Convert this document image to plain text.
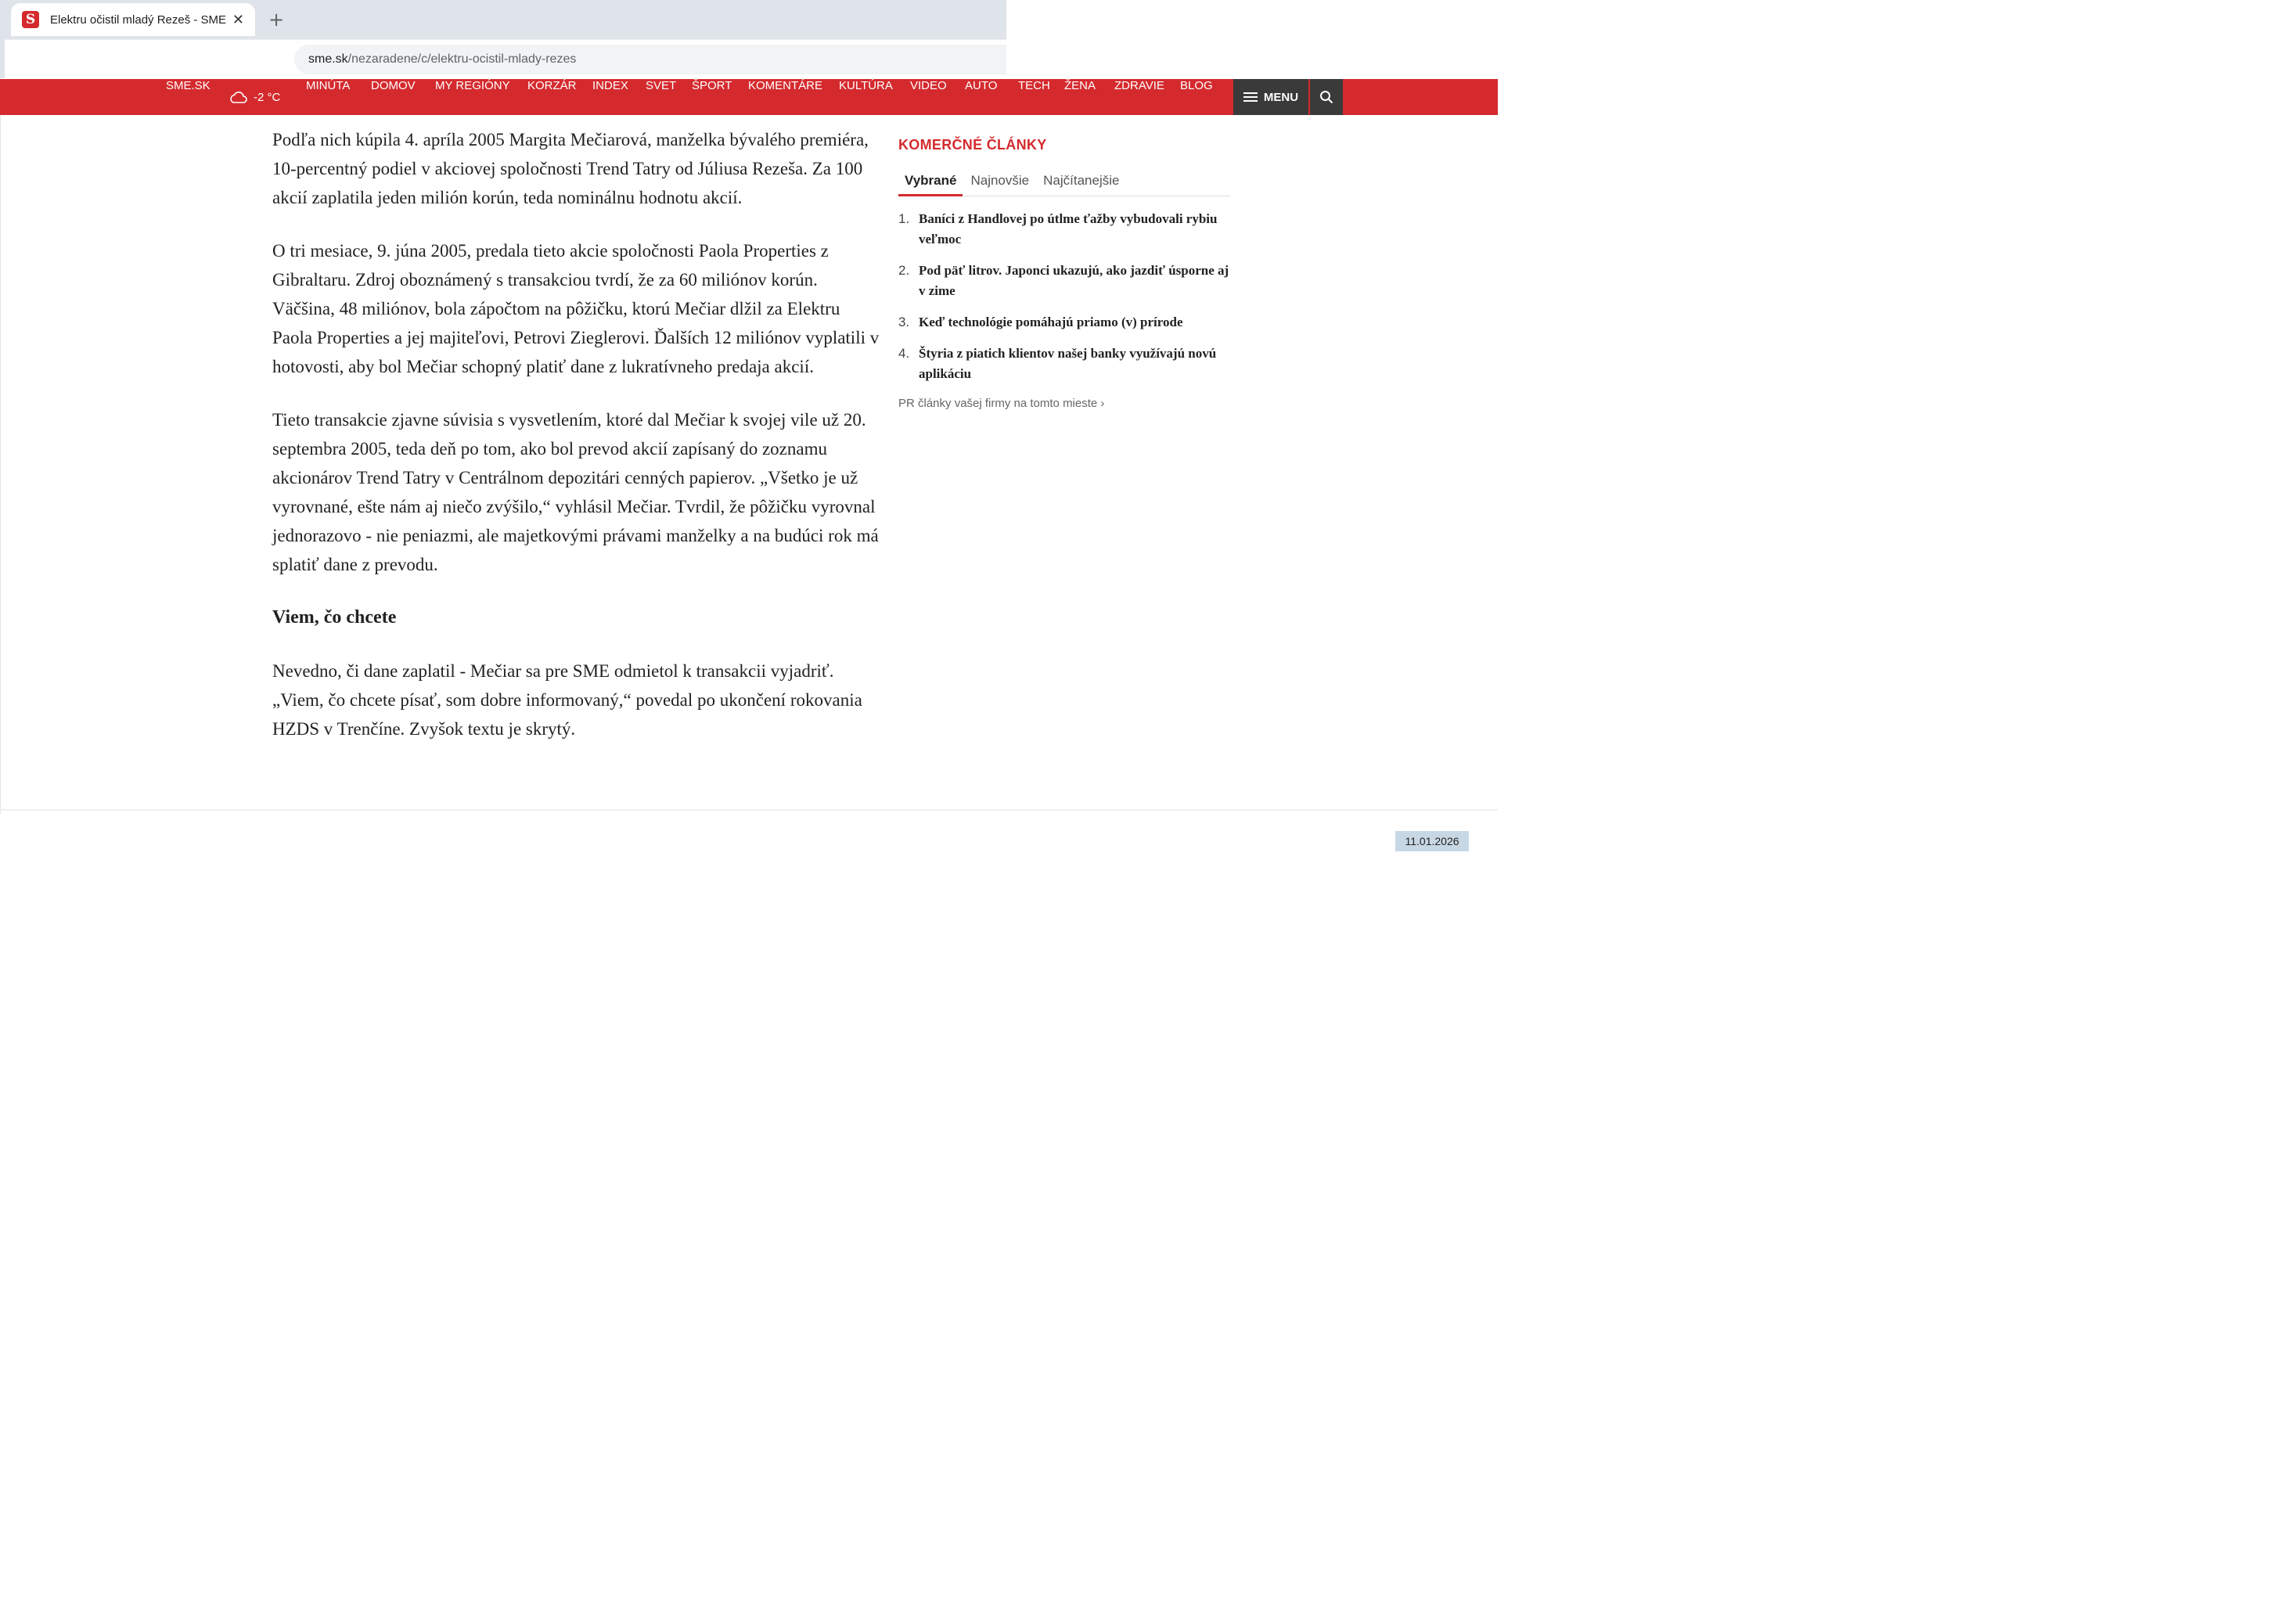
S	Elektru očistil mladý Rezeš - SME ✕ +
sme.sk /nezaradene/c/elektru-ocistil-mlady-rezes
SME.SK
-2 °C
MINÚTA DOMOV MY REGIÓNY KORZÁR INDEX SVET ŠPORT KOMENTÁRE KULTÚRA VIDEO AUTO TECH ŽENA ZDRAVIE BLOG
MENU

Podľa nich kúpila 4. apríla 2005 Margita Mečiarová, manželka bývalého premiéra, 10-percentný podiel v akciovej spoločnosti Trend Tatry od Júliusa Rezeša. Za 100 akcií zaplatila jeden milión korún, teda nominálnu hodnotu akcií.

O tri mesiace, 9. júna 2005, predala tieto akcie spoločnosti Paola Properties z Gibraltaru. Zdroj oboznámený s transakciou tvrdí, že za 60 miliónov korún. Väčšina, 48 miliónov, bola zápočtom na pôžičku, ktorú Mečiar dlžil za Elektru Paola Properties a jej majiteľovi, Petrovi Zieglerovi. Ďalších 12 miliónov vyplatili v hotovosti, aby bol Mečiar schopný platiť dane z lukratívneho predaja akcií.

Tieto transakcie zjavne súvisia s vysvetlením, ktoré dal Mečiar k svojej vile už 20. septembra 2005, teda deň po tom, ako bol prevod akcií zapísaný do zoznamu akcionárov Trend Tatry v Centrálnom depozitári cenných papierov. „Všetko je už vyrovnané, ešte nám aj niečo zvýšilo,“ vyhlásil Mečiar. Tvrdil, že pôžičku vyrovnal jednorazovo - nie peniazmi, ale majetkovými právami manželky a na budúci rok má splatiť dane z prevodu.

Viem, čo chcete

Nevedno, či dane zaplatil - Mečiar sa pre SME odmietol k transakcii vyjadriť. „Viem, čo chcete písať, som dobre informovaný,“ povedal po ukončení rokovania HZDS v Trenčíne. Zvyšok textu je skrytý.

KOMERČNÉ ČLÁNKY
Vybrané	Najnovšie	Najčítanejšie
1. Baníci z Handlovej po útlme ťažby vybudovali rybiu veľmoc
2. Pod päť litrov. Japonci ukazujú, ako jazdiť úsporne aj v zime
3. Keď technológie pomáhajú priamo (v) prírode
4. Štyria z piatich klientov našej banky využívajú novú aplikáciu
PR články vašej firmy na tomto mieste ›
11.01.2026
